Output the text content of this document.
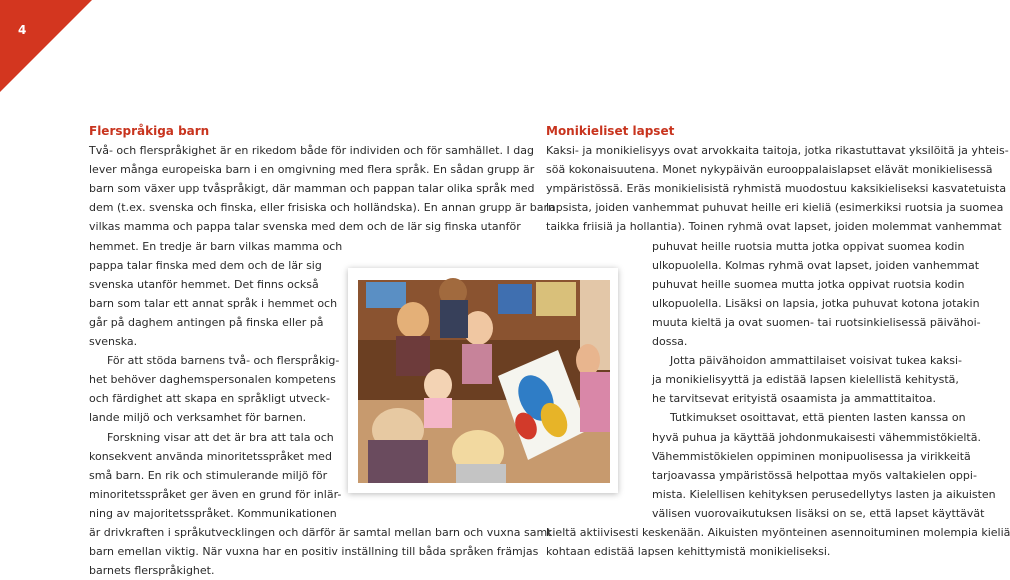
4
Flerspråkiga barn
Två- och flerspråkighet är en rikedom både för individen och för samhället. I dag
lever många europeiska barn i en omgivning med flera språk. En sådan grupp är
barn som växer upp tvåspråkigt, där mamman och pappan talar olika språk med
dem (t.ex. svenska och finska, eller frisiska och holländska). En annan grupp är barn
vilkas mamma och pappa talar svenska med dem och de lär sig finska utanför
hemmet. En tredje är barn vilkas mamma och
pappa talar finska med dem och de lär sig
svenska utanför hemmet. Det finns också
barn som talar ett annat språk i hemmet och
går på daghem antingen på finska eller på
svenska.
För att stöda barnens två- och flerspråkig-
het behöver daghemspersonalen kompetens
och färdighet att skapa en språkligt utveck-
lande miljö och verksamhet för barnen.
Forskning visar att det är bra att tala och
konsekvent använda minoritetsspråket med
små barn. En rik och stimulerande miljö för
minoritetsspråket ger även en grund för inlär-
ning av majoritetsspråket. Kommunikationen
är drivkraften i språkutvecklingen och därför är samtal mellan barn och vuxna samt
barn emellan viktig. När vuxna har en positiv inställning till båda språken främjas
barnets flerspråkighet.
Monikieliset lapset
Kaksi- ja monikielisyys ovat arvokkaita taitoja, jotka rikastuttavat yksilöitä ja yhteis-
söä kokonaisuutena. Monet nykypäivän eurooppalaislapset elävät monikielisessä
ympäristössä. Eräs monikielisistä ryhmistä muodostuu kaksikieliseksi kasvatetuista
lapsista, joiden vanhemmat puhuvat heille eri kieliä (esimerkiksi ruotsia ja suomea
taikka friisiä ja hollantia). Toinen ryhmä ovat lapset, joiden molemmat vanhemmat
puhuvat heille ruotsia mutta jotka oppivat suomea kodin
ulkopuolella. Kolmas ryhmä ovat lapset, joiden vanhemmat
puhuvat heille suomea mutta jotka oppivat ruotsia kodin
ulkopuolella. Lisäksi on lapsia, jotka puhuvat kotona jotakin
muuta kieltä ja ovat suomen- tai ruotsinkielisessä päivähoi-
dossa.
Jotta päivähoidon ammattilaiset voisivat tukea kaksi-
ja monikielisyyttä ja edistää lapsen kielellistä kehitystä,
he tarvitsevat erityistä osaamista ja ammattitaitoa.
Tutkimukset osoittavat, että pienten lasten kanssa on
hyvä puhua ja käyttää johdonmukaisesti vähemmistökieltä.
Vähemmistökielen oppiminen monipuolisessa ja virikkeitä
tarjoavassa ympäristössä helpottaa myös valtakielen oppi-
mista. Kielellisen kehityksen perusedellytys lasten ja aikuisten
välisen vuorovaikutuksen lisäksi on se, että lapset käyttävät
kieltä aktiivisesti keskenään. Aikuisten myönteinen asennoituminen molempia kieliä
kohtaan edistää lapsen kehittymistä monikieliseksi.
